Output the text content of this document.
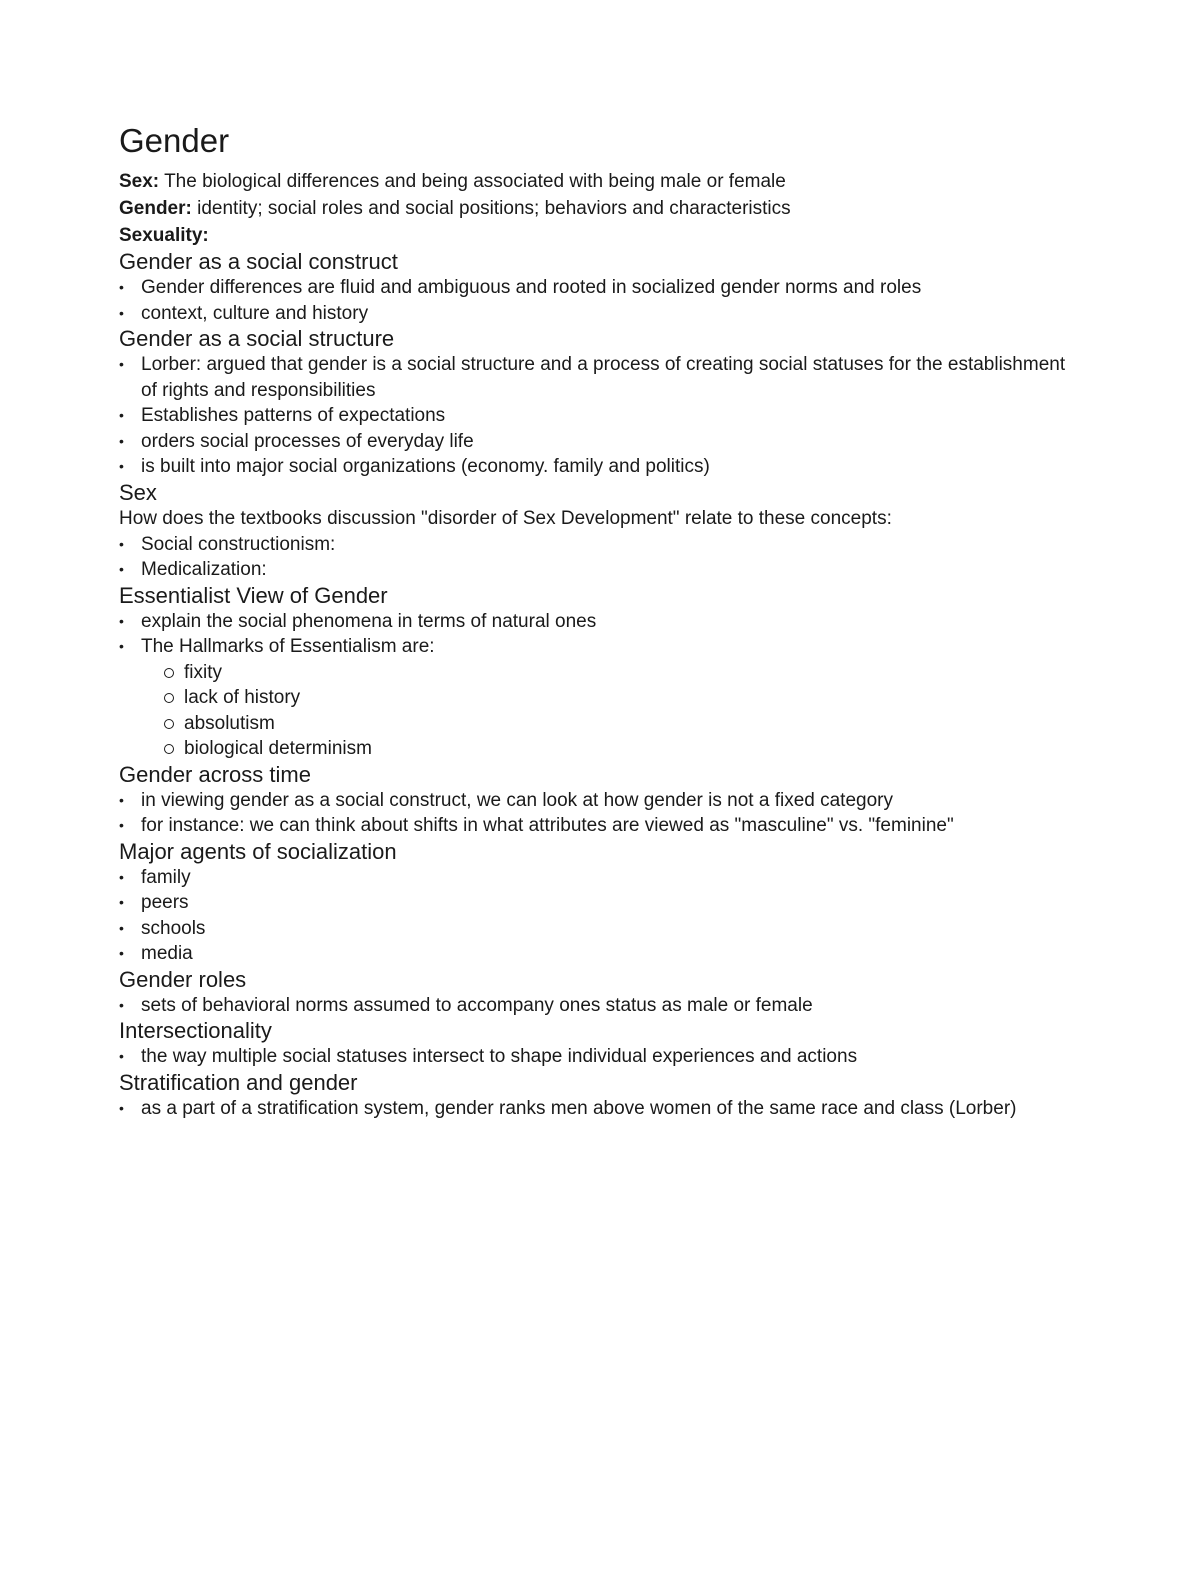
Gender

Sex: The biological differences and being associated with being male or female

Gender: identity; social roles and social positions; behaviors and characteristics

Sexuality:

Gender as a social construct
• Gender differences are fluid and ambiguous and rooted in socialized gender norms and roles
• context, culture and history
Gender as a social structure
• Lorber: argued that gender is a social structure and a process of creating social statuses for the establishment of rights and responsibilities
• Establishes patterns of expectations
• orders social processes of everyday life
• is built into major social organizations (economy. family and politics)
Sex

How does the textbooks discussion "disorder of Sex Development" relate to these concepts:

• Social constructionism:
• Medicalization:
Essentialist View of Gender
• explain the social phenomena in terms of natural ones
• The Hallmarks of Essentialism are:
fixity
lack of history
absolutism
biological determinism
Gender across time
• in viewing gender as a social construct, we can look at how gender is not a fixed category
• for instance: we can think about shifts in what attributes are viewed as "masculine" vs. "feminine"
Major agents of socialization
• family
• peers
• schools
• media
Gender roles
• sets of behavioral norms assumed to accompany ones status as male or female
Intersectionality
• the way multiple social statuses intersect to shape individual experiences and actions
Stratification and gender
• as a part of a stratification system, gender ranks men above women of the same race and class (Lorber)
